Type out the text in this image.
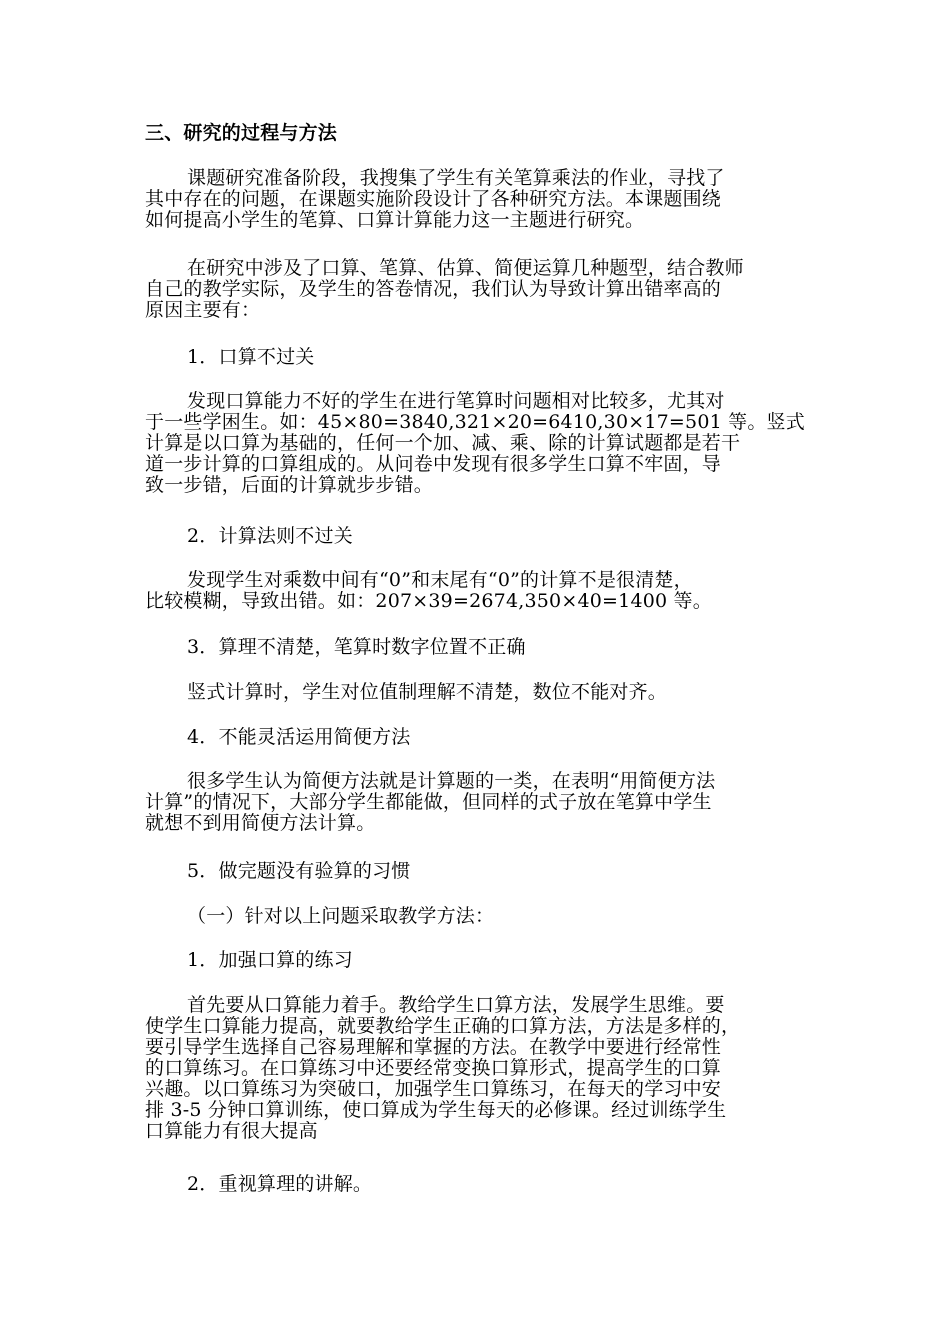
三、研究的过程与方法
课题研究准备阶段，我搜集了学生有关笔算乘法的作业，寻找了
其中存在的问题，在课题实施阶段设计了各种研究方法。本课题围绕
如何提高小学生的笔算、口算计算能力这一主题进行研究。
在研究中涉及了口算、笔算、估算、简便运算几种题型，结合教师
自己的教学实际，及学生的答卷情况，我们认为导致计算出错率高的
原因主要有：
1．口算不过关
发现口算能力不好的学生在进行笔算时问题相对比较多，尤其对
于一些学困生。如：45×80=3840,321×20=6410,30×17=501 等。竖式
计算是以口算为基础的，任何一个加、减、乘、除的计算试题都是若干
道一步计算的口算组成的。从问卷中发现有很多学生口算不牢固，导
致一步错，后面的计算就步步错。
2．计算法则不过关
发现学生对乘数中间有“0”和末尾有“0”的计算不是很清楚，
比较模糊，导致出错。如：207×39=2674,350×40=1400 等。
3．算理不清楚，笔算时数字位置不正确
竖式计算时，学生对位值制理解不清楚，数位不能对齐。
4．不能灵活运用简便方法
很多学生认为简便方法就是计算题的一类，在表明“用简便方法
计算”的情况下，大部分学生都能做，但同样的式子放在笔算中学生
就想不到用简便方法计算。
5．做完题没有验算的习惯
（一）针对以上问题采取教学方法：
1．加强口算的练习
首先要从口算能力着手。教给学生口算方法，发展学生思维。要
使学生口算能力提高，就要教给学生正确的口算方法，方法是多样的，
要引导学生选择自己容易理解和掌握的方法。在教学中要进行经常性
的口算练习。在口算练习中还要经常变换口算形式，提高学生的口算
兴趣。以口算练习为突破口，加强学生口算练习，在每天的学习中安
排 3-5 分钟口算训练，使口算成为学生每天的必修课。经过训练学生
口算能力有很大提高
2．重视算理的讲解。
